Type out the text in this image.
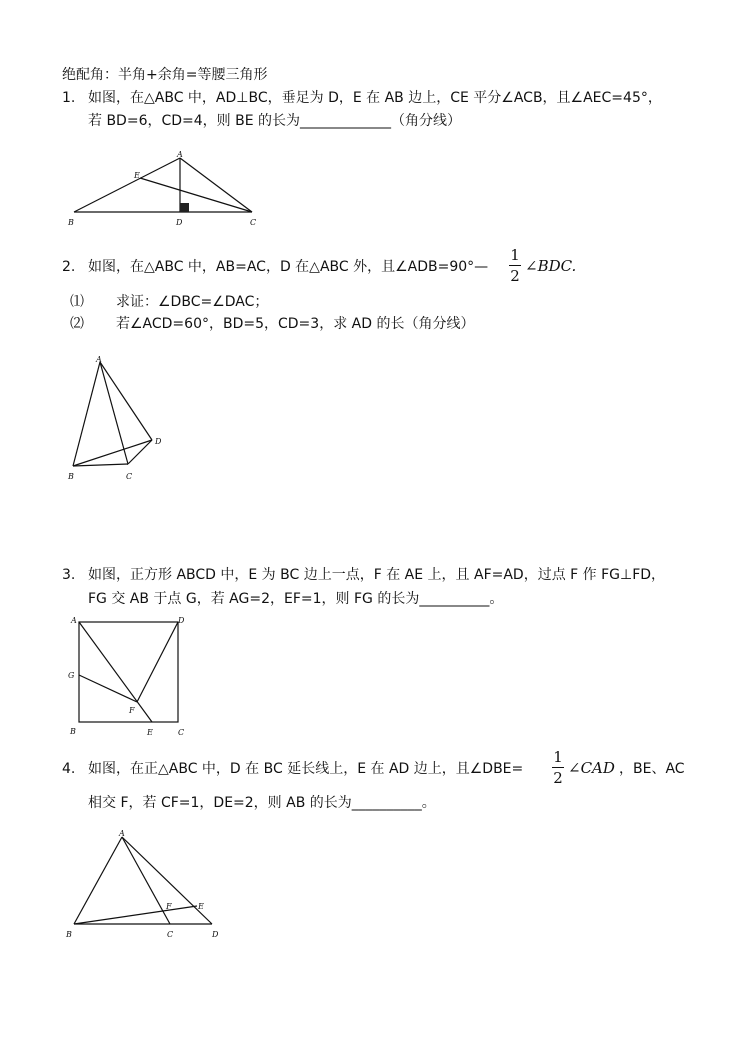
绝配角：半角+余角=等腰三角形
1. 如图，在△ABC 中，AD⊥BC，垂足为 D，E 在 AB 边上，CE 平分∠ACB，且∠AEC=45°，
若 BD=6，CD=4，则 BE 的长为_____________（角分线）
A
E
B	D	C
2. 如图，在△ABC 中，AB=AC，D 在△ABC 外，且∠ADB=90°—
1
2
∠BDC.
⑴ 求证：∠DBC=∠DAC；
⑵ 若∠ACD=60°，BD=5，CD=3，求 AD 的长（角分线）
A
D
B	C
3. 如图，正方形 ABCD 中，E 为 BC 边上一点，F 在 AE 上，且 AF=AD，过点 F 作 FG⊥FD，
FG 交 AB 于点 G，若 AG=2，EF=1，则 FG 的长为__________。
A	D
G
F
B	E	C
4. 如图，在正△ABC 中，D 在 BC 延长线上，E 在 AD 边上，且∠DBE=
1
2
∠CAD ，BE、AC
相交 F，若 CF=1，DE=2，则 AB 的长为__________。
A
E
F
B	C	D
